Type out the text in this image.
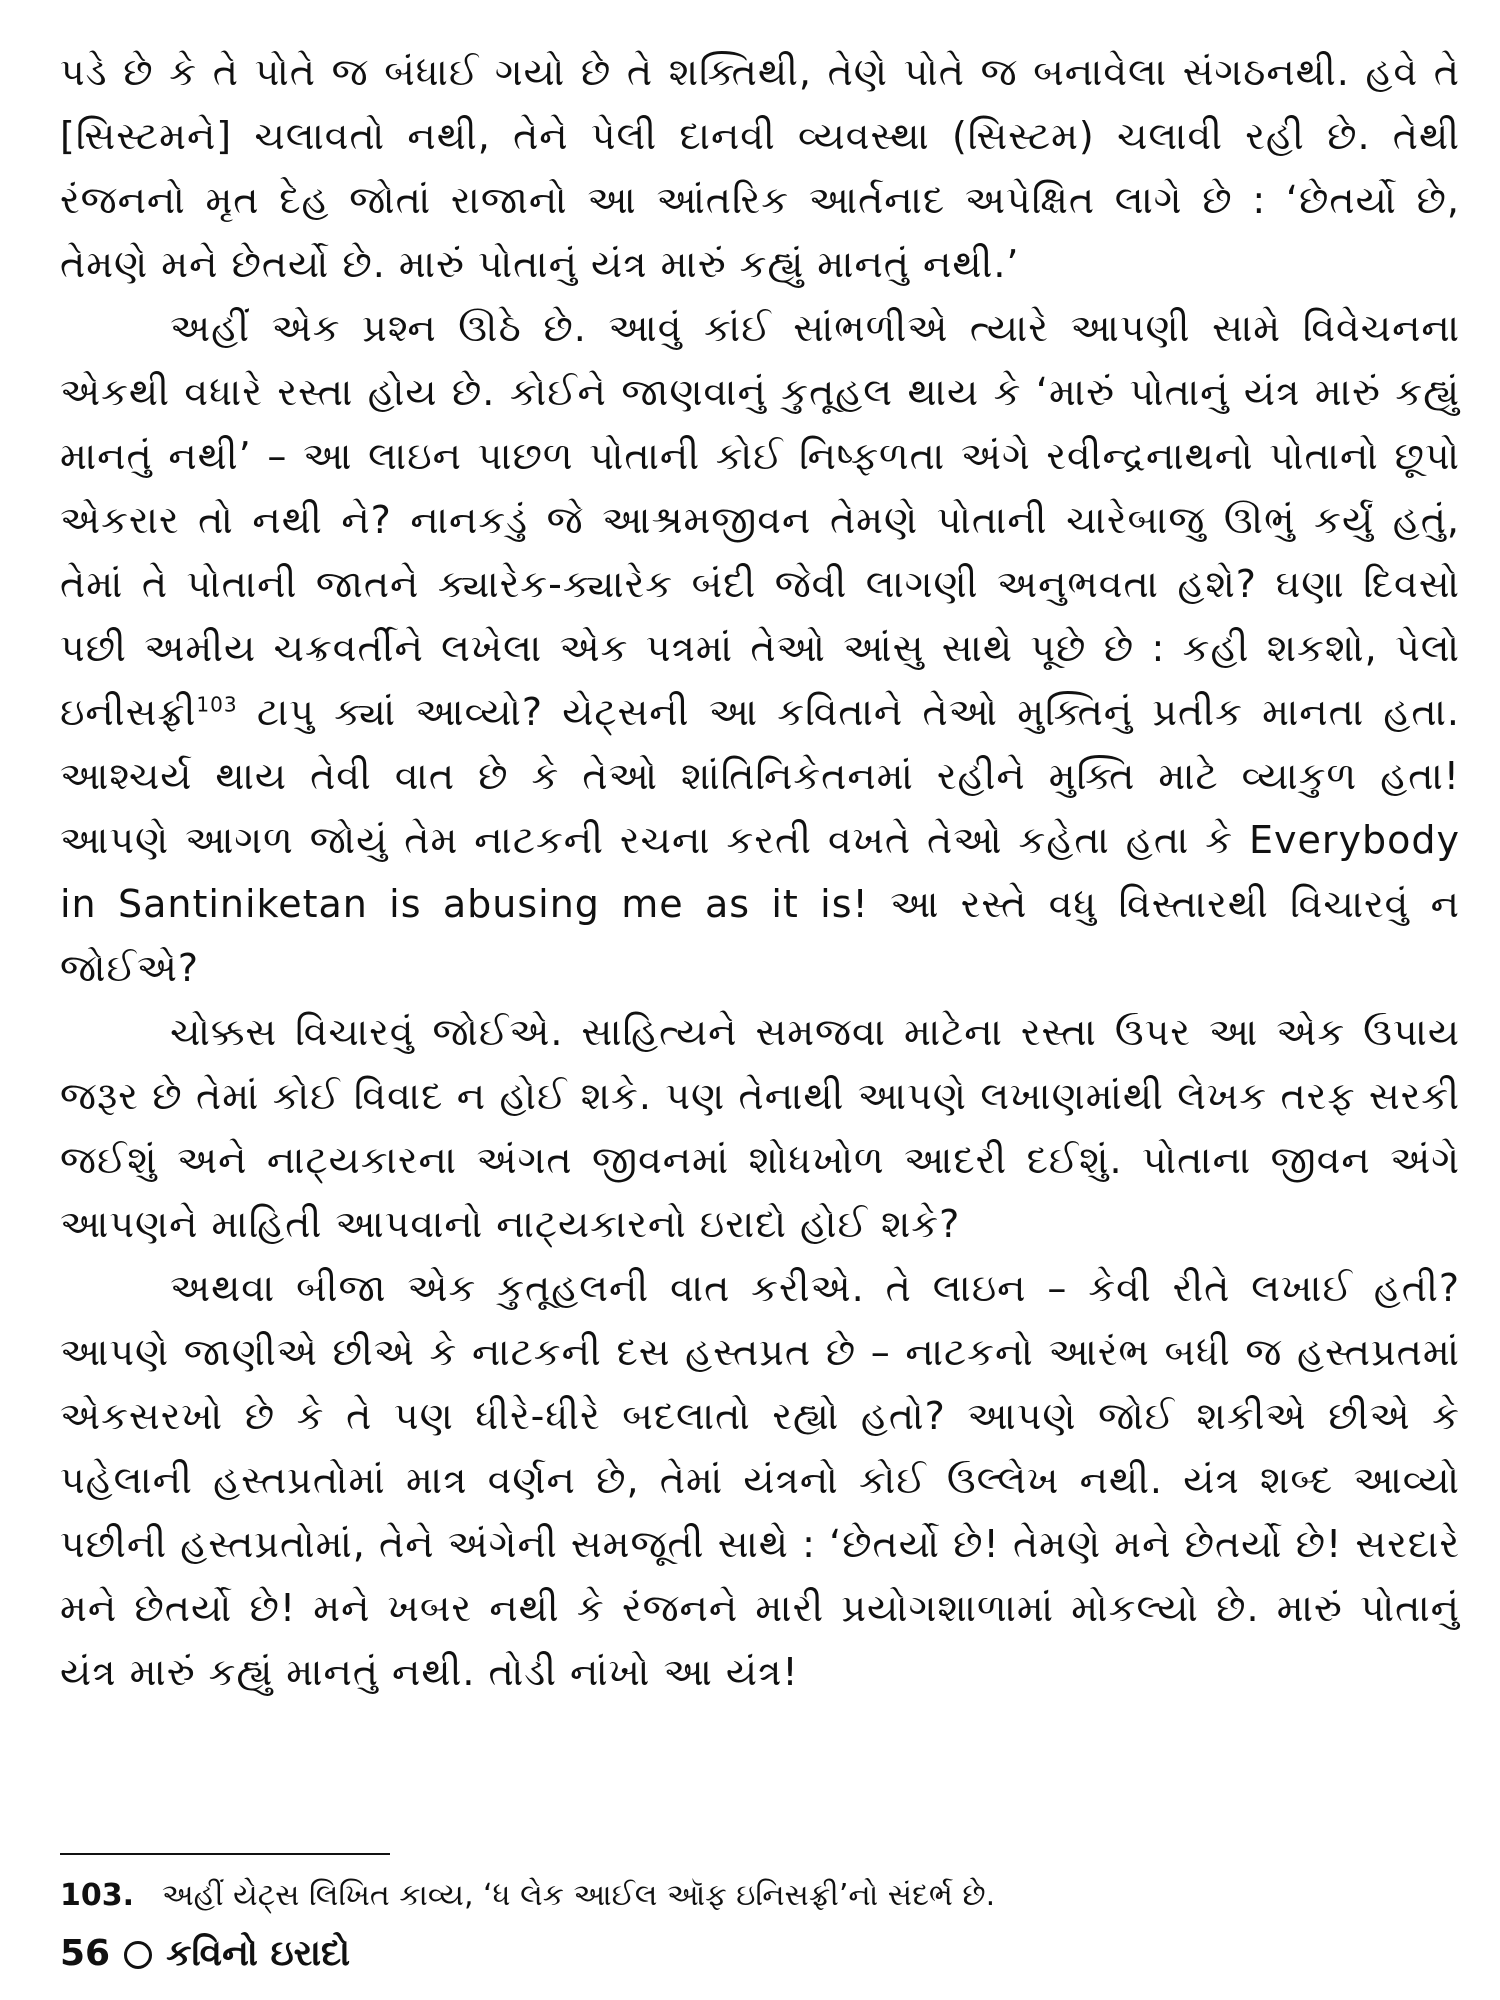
પડે છે કે તે પોતે જ બંધાઈ ગયો છે તે શક્તિથી, તેણે પોતે જ બનાવેલા સંગઠનથી. હવે તે [સિસ્ટમને] ચલાવતો નથી, તેને પેલી દાનવી વ્યવસ્થા (સિસ્ટમ) ચલાવી રહી છે. તેથી રંજનનો મૃત દેહ જોતાં રાજાનો આ આંતરિક આર્તનાદ અપેક્ષિત લાગે છે : ‘છેતર્યો છે, તેમણે મને છેતર્યો છે. મારું પોતાનું યંત્ર મારું કહ્યું માનતું નથી.’

અહીં એક પ્રશ્ન ઊઠે છે. આવું કાંઈ સાંભળીએ ત્યારે આપણી સામે વિવેચનના એકથી વધારે રસ્તા હોય છે. કોઈને જાણવાનું કુતૂહલ થાય કે ‘મારું પોતાનું યંત્ર મારું કહ્યું માનતું નથી’ – આ લાઇન પાછળ પોતાની કોઈ નિષ્ફળતા અંગે રવીન્દ્રનાથનો પોતાનો છૂપો એકરાર તો નથી ને? નાનકડું જે આશ્રમજીવન તેમણે પોતાની ચારેબાજુ ઊભું કર્યું હતું, તેમાં તે પોતાની જાતને ક્યારેક-ક્યારેક બંદી જેવી લાગણી અનુભવતા હશે? ઘણા દિવસો પછી અમીય ચક્રવર્તીને લખેલા એક પત્રમાં તેઓ આંસુ સાથે પૂછે છે : કહી શકશો, પેલો ઇનીસફ્રી$^{103}$ ટાપુ ક્યાં આવ્યો? યેટ્સની આ કવિતાને તેઓ મુક્તિનું પ્રતીક માનતા હતા. આશ્ચર્ય થાય તેવી વાત છે કે તેઓ શાંતિનિકેતનમાં રહીને મુક્તિ માટે વ્યાકુળ હતા! આપણે આગળ જોયું તેમ નાટકની રચના કરતી વખતે તેઓ કહેતા હતા કે Everybody in Santiniketan is abusing me as it is! આ રસ્તે વધુ વિસ્તારથી વિચારવું ન જોઈએ?

ચોક્કસ વિચારવું જોઈએ. સાહિત્યને સમજવા માટેના રસ્તા ઉપર આ એક ઉપાય જરૂર છે તેમાં કોઈ વિવાદ ન હોઈ શકે. પણ તેનાથી આપણે લખાણમાંથી લેખક તરફ સરકી જઈશું અને નાટ્યકારના અંગત જીવનમાં શોધખોળ આદરી દઈશું. પોતાના જીવન અંગે આપણને માહિતી આપવાનો નાટ્યકારનો ઇરાદો હોઈ શકે?

અથવા બીજા એક કુતૂહલની વાત કરીએ. તે લાઇન – કેવી રીતે લખાઈ હતી? આપણે જાણીએ છીએ કે નાટકની દસ હસ્તપ્રત છે – નાટકનો આરંભ બધી જ હસ્તપ્રતમાં એકસરખો છે કે તે પણ ધીરે-ધીરે બદલાતો રહ્યો હતો? આપણે જોઈ શકીએ છીએ કે પહેલાની હસ્તપ્રતોમાં માત્ર વર્ણન છે, તેમાં યંત્રનો કોઈ ઉલ્લેખ નથી. યંત્ર શબ્દ આવ્યો પછીની હસ્તપ્રતોમાં, તેને અંગેની સમજૂતી સાથે : ‘છેતર્યો છે! તેમણે મને છેતર્યો છે! સરદારે મને છેતર્યો છે! મને ખબર નથી કે રંજનને મારી પ્રયોગશાળામાં મોકલ્યો છે. મારું પોતાનું યંત્ર મારું કહ્યું માનતું નથી. તોડી નાંખો આ યંત્ર!

103. અહીં યેટ્સ લિખિત કાવ્ય, ‘ધ લેક આઈલ ઑફ ઇનિસફ્રી’નો સંદર્ભ છે.

56 કવિનો ઇરાદો
